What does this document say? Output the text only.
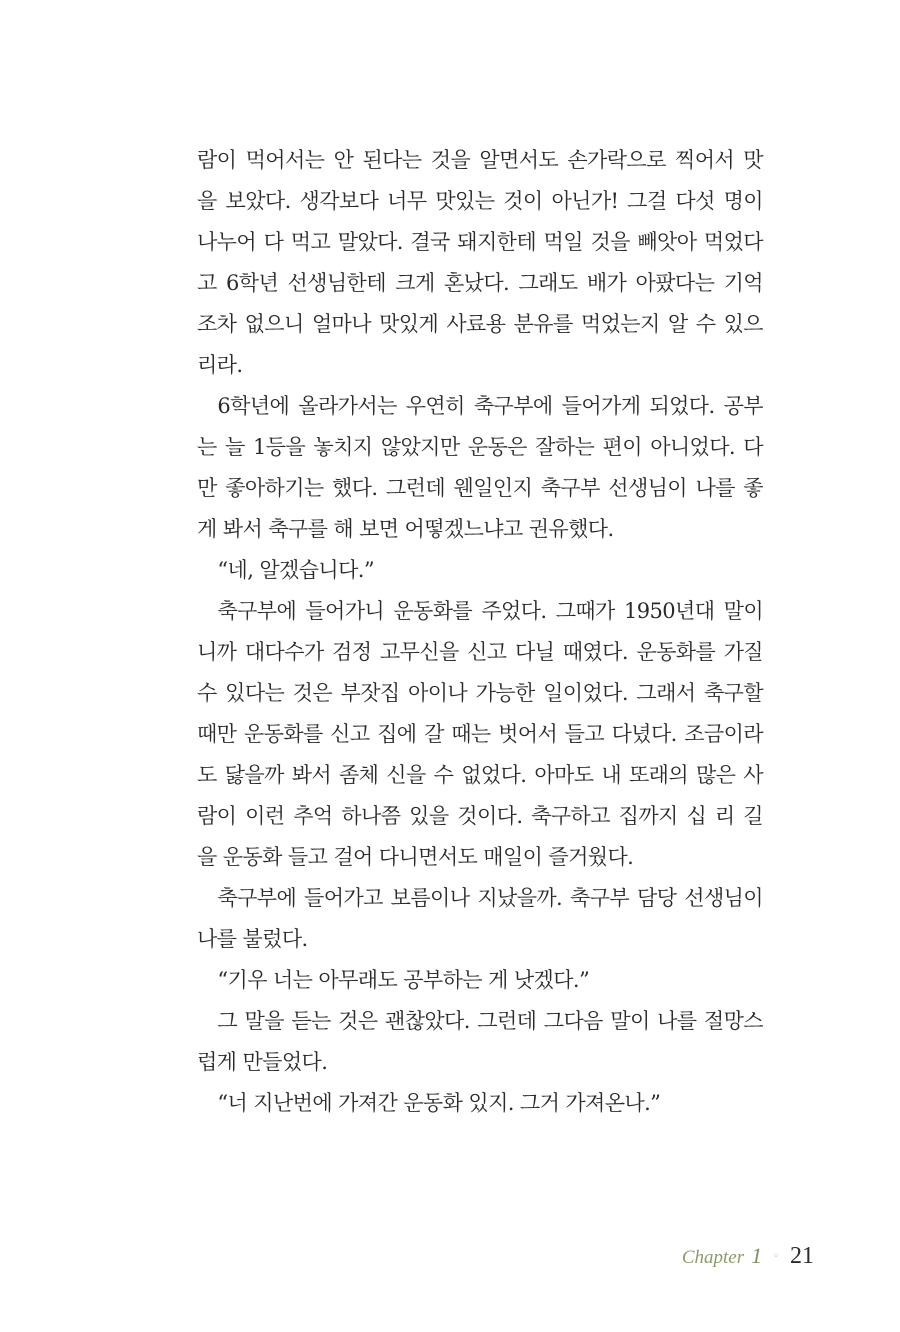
람이 먹어서는 안 된다는 것을 알면서도 손가락으로 찍어서 맛
을 보았다. 생각보다 너무 맛있는 것이 아닌가! 그걸 다섯 명이
나누어 다 먹고 말았다. 결국 돼지한테 먹일 것을 빼앗아 먹었다
고 6학년 선생님한테 크게 혼났다. 그래도 배가 아팠다는 기억
조차 없으니 얼마나 맛있게 사료용 분유를 먹었는지 알 수 있으
리라.
 6학년에 올라가서는 우연히 축구부에 들어가게 되었다. 공부
는 늘 1등을 놓치지 않았지만 운동은 잘하는 편이 아니었다. 다
만 좋아하기는 했다. 그런데 웬일인지 축구부 선생님이 나를 좋
게 봐서 축구를 해 보면 어떻겠느냐고 권유했다.
 “네, 알겠습니다.”
 축구부에 들어가니 운동화를 주었다. 그때가 1950년대 말이
니까 대다수가 검정 고무신을 신고 다닐 때였다. 운동화를 가질
수 있다는 것은 부잣집 아이나 가능한 일이었다. 그래서 축구할
때만 운동화를 신고 집에 갈 때는 벗어서 들고 다녔다. 조금이라
도 닳을까 봐서 좀체 신을 수 없었다. 아마도 내 또래의 많은 사
람이 이런 추억 하나쯤 있을 것이다. 축구하고 집까지 십 리 길
을 운동화 들고 걸어 다니면서도 매일이 즐거웠다.
 축구부에 들어가고 보름이나 지났을까. 축구부 담당 선생님이
나를 불렀다.
 “기우 너는 아무래도 공부하는 게 낫겠다.”
 그 말을 듣는 것은 괜찮았다. 그런데 그다음 말이 나를 절망스
럽게 만들었다.
 “너 지난번에 가져간 운동화 있지. 그거 가져온나.”
Chapter 1	◦ 21
